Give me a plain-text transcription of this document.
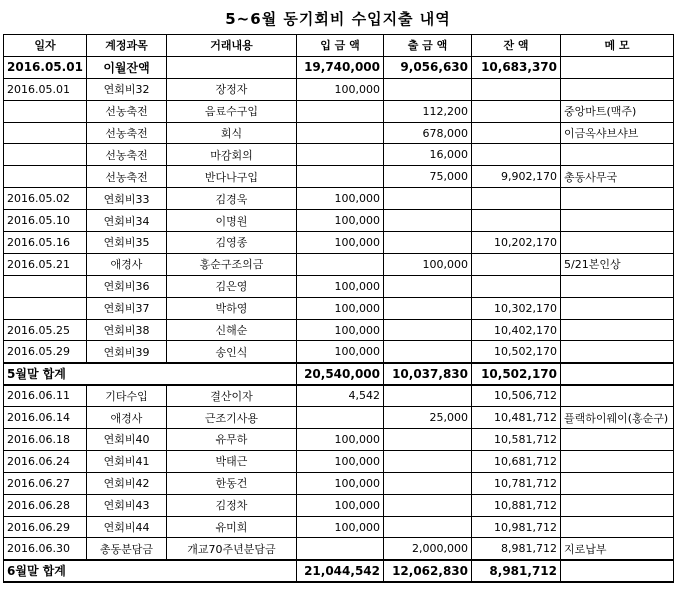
5~6월 동기회비 수입지출 내역
일자	계정과목	거래내용	입 금 액	출 금 액	잔 액	메 모
2016.05.01	이월잔액		19,740,000	9,056,630	10,683,370	
2016.05.01	연회비32	장정자	100,000			
	선농축전	음료수구입		112,200		중앙마트(맥주)
	선농축전	회식		678,000		이금옥샤브샤브
	선농축전	마감회의		16,000		
	선농축전	반다나구입		75,000	9,902,170	총동사무국
2016.05.02	연회비33	김경욱	100,000			
2016.05.10	연회비34	이명원	100,000			
2016.05.16	연회비35	김영종	100,000		10,202,170	
2016.05.21	애경사	홍순구조의금		100,000		5/21본인상
	연회비36	김은영	100,000			
	연회비37	박하영	100,000		10,302,170	
2016.05.25	연회비38	신해순	100,000		10,402,170	
2016.05.29	연회비39	송인식	100,000		10,502,170	
5월말 합계			20,540,000	10,037,830	10,502,170	
2016.06.11	기타수입	결산이자	4,542		10,506,712	
2016.06.14	애경사	근조기사용		25,000	10,481,712	플랙하이웨이(홍순구)
2016.06.18	연회비40	유무하	100,000		10,581,712	
2016.06.24	연회비41	박태근	100,000		10,681,712	
2016.06.27	연회비42	한동건	100,000		10,781,712	
2016.06.28	연회비43	김정차	100,000		10,881,712	
2016.06.29	연회비44	유미희	100,000		10,981,712	
2016.06.30	총동분담금	개교70주년분담금		2,000,000	8,981,712	지로납부
6월말 합계			21,044,542	12,062,830	8,981,712	
